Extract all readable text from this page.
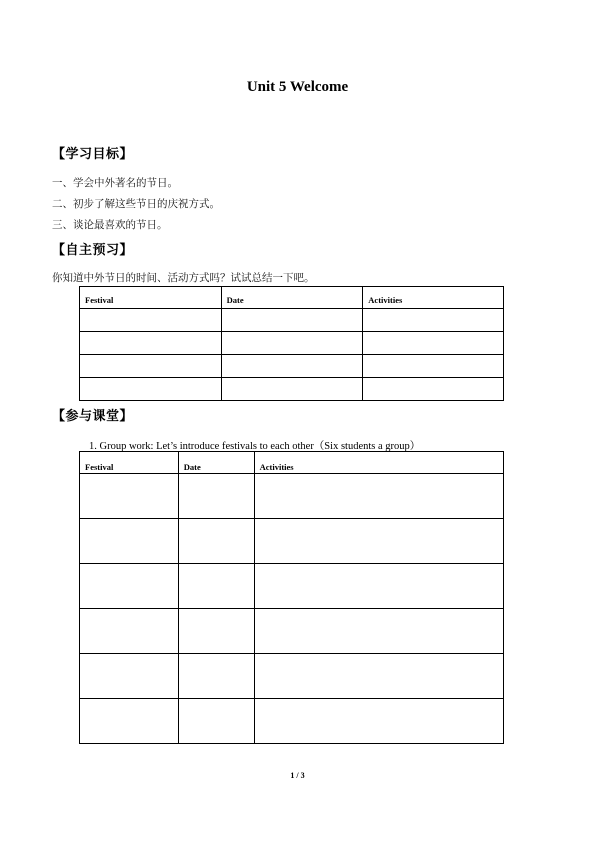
Unit 5 Welcome
【学习目标】
一、学会中外著名的节日。
二、初步了解这些节日的庆祝方式。
三、谈论最喜欢的节日。
【自主预习】
你知道中外节日的时间、活动方式吗？试试总结一下吧。
Festival	Date	Activities

【参与课堂】
1. Group work: Let’s introduce festivals to each other（Six students a group）
Festival	Date	Activities

1 / 3
